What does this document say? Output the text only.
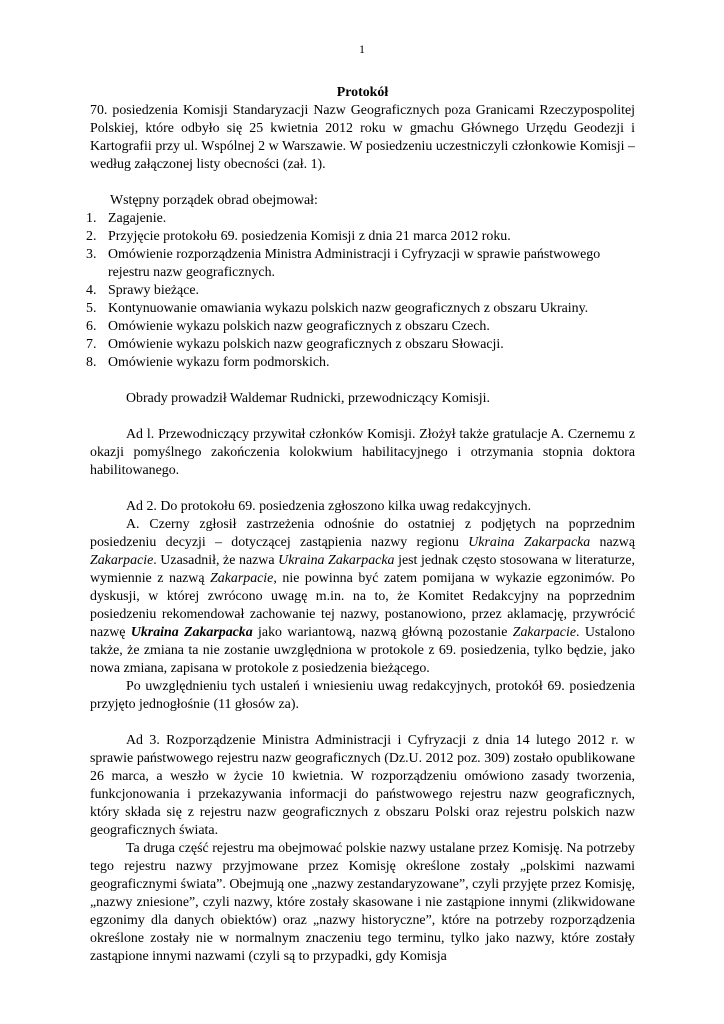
1

Protokół

70. posiedzenia Komisji Standaryzacji Nazw Geograficznych poza Granicami Rzeczypospolitej Polskiej, które odbyło się 25 kwietnia 2012 roku w gmachu Głównego Urzędu Geodezji i Kartografii przy ul. Wspólnej 2 w Warszawie. W posiedzeniu uczestniczyli członkowie Komisji – według załączonej listy obecności (zał. 1).

Wstępny porządek obrad obejmował:

1. Zagajenie.
2. Przyjęcie protokołu 69. posiedzenia Komisji z dnia 21 marca 2012 roku.
3. Omówienie rozporządzenia Ministra Administracji i Cyfryzacji w sprawie państwowego rejestru nazw geograficznych.
4. Sprawy bieżące.
5. Kontynuowanie omawiania wykazu polskich nazw geograficznych z obszaru Ukrainy.
6. Omówienie wykazu polskich nazw geograficznych z obszaru Czech.
7. Omówienie wykazu polskich nazw geograficznych z obszaru Słowacji.
8. Omówienie wykazu form podmorskich.

Obrady prowadził Waldemar Rudnicki, przewodniczący Komisji.

Ad l. Przewodniczący przywitał członków Komisji. Złożył także gratulacje A. Czernemu z okazji pomyślnego zakończenia kolokwium habilitacyjnego i otrzymania stopnia doktora habilitowanego.

Ad 2. Do protokołu 69. posiedzenia zgłoszono kilka uwag redakcyjnych.

A. Czerny zgłosił zastrzeżenia odnośnie do ostatniej z podjętych na poprzednim posiedzeniu decyzji – dotyczącej zastąpienia nazwy regionu Ukraina Zakarpacka nazwą Zakarpacie. Uzasadnił, że nazwa Ukraina Zakarpacka jest jednak często stosowana w literaturze, wymiennie z nazwą Zakarpacie, nie powinna być zatem pomijana w wykazie egzonimów. Po dyskusji, w której zwrócono uwagę m.in. na to, że Komitet Redakcyjny na poprzednim posiedzeniu rekomendował zachowanie tej nazwy, postanowiono, przez aklamację, przywrócić nazwę Ukraina Zakarpacka jako wariantową, nazwą główną pozostanie Zakarpacie. Ustalono także, że zmiana ta nie zostanie uwzględniona w protokole z 69. posiedzenia, tylko będzie, jako nowa zmiana, zapisana w protokole z posiedzenia bieżącego.

Po uwzględnieniu tych ustaleń i wniesieniu uwag redakcyjnych, protokół 69. posiedzenia przyjęto jednogłośnie (11 głosów za).

Ad 3. Rozporządzenie Ministra Administracji i Cyfryzacji z dnia 14 lutego 2012 r. w sprawie państwowego rejestru nazw geograficznych (Dz.U. 2012 poz. 309) zostało opublikowane 26 marca, a weszło w życie 10 kwietnia. W rozporządzeniu omówiono zasady tworzenia, funkcjonowania i przekazywania informacji do państwowego rejestru nazw geograficznych, który składa się z rejestru nazw geograficznych z obszaru Polski oraz rejestru polskich nazw geograficznych świata.

Ta druga część rejestru ma obejmować polskie nazwy ustalane przez Komisję. Na potrzeby tego rejestru nazwy przyjmowane przez Komisję określone zostały „polskimi nazwami geograficznymi świata”. Obejmują one „nazwy zestandaryzowane”, czyli przyjęte przez Komisję, „nazwy zniesione”, czyli nazwy, które zostały skasowane i nie zastąpione innymi (zlikwidowane egzonimy dla danych obiektów) oraz „nazwy historyczne”, które na potrzeby rozporządzenia określone zostały nie w normalnym znaczeniu tego terminu, tylko jako nazwy, które zostały zastąpione innymi nazwami (czyli są to przypadki, gdy Komisja
